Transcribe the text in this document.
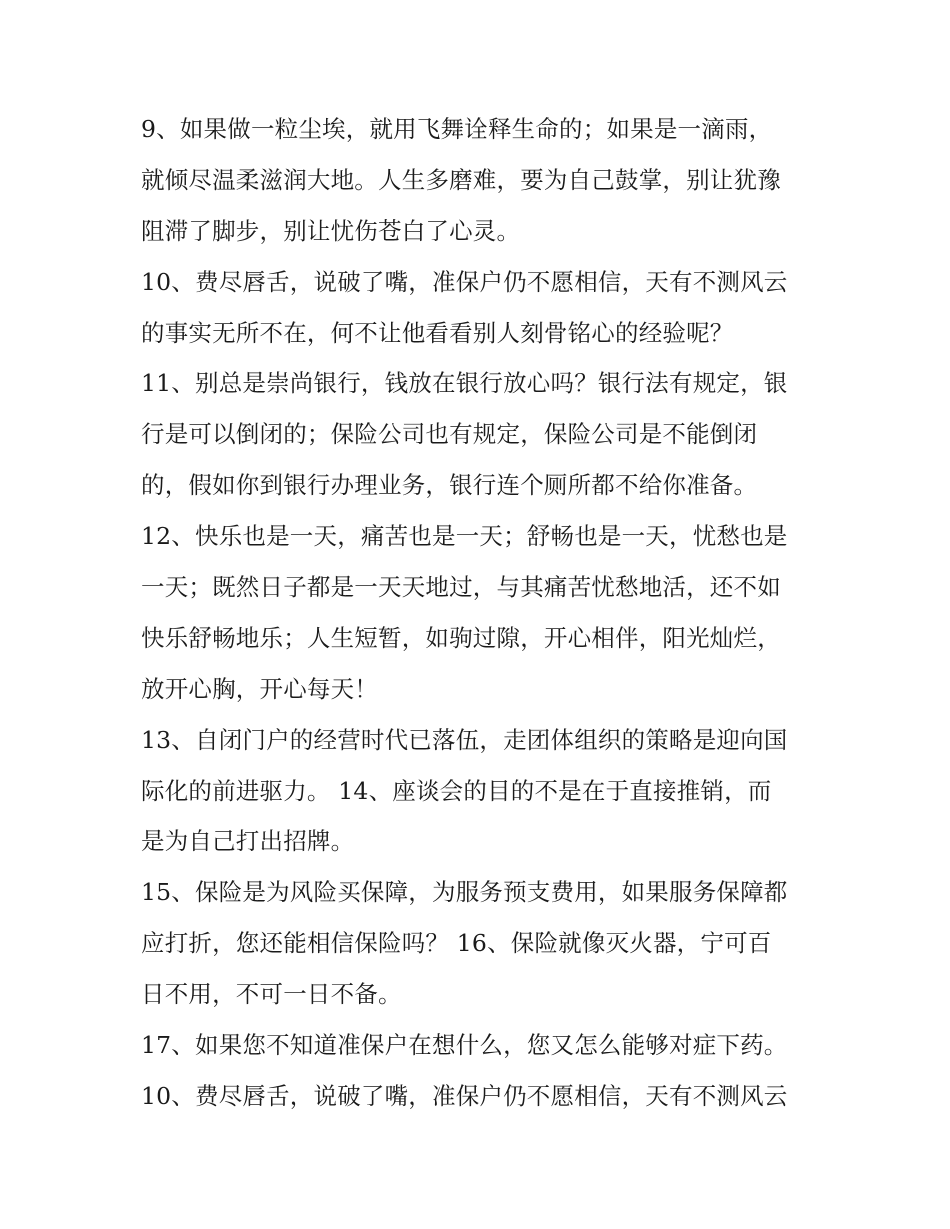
9、如果做一粒尘埃，就用飞舞诠释生命的；如果是一滴雨，
就倾尽温柔滋润大地。人生多磨难，要为自己鼓掌，别让犹豫
阻滞了脚步，别让忧伤苍白了心灵。
10、费尽唇舌，说破了嘴，准保户仍不愿相信，天有不测风云
的事实无所不在，何不让他看看别人刻骨铭心的经验呢？
11、别总是崇尚银行，钱放在银行放心吗？银行法有规定，银
行是可以倒闭的；保险公司也有规定，保险公司是不能倒闭
的，假如你到银行办理业务，银行连个厕所都不给你准备。
12、快乐也是一天，痛苦也是一天；舒畅也是一天，忧愁也是
一天；既然日子都是一天天地过，与其痛苦忧愁地活，还不如
快乐舒畅地乐；人生短暂，如驹过隙，开心相伴，阳光灿烂，
放开心胸，开心每天！
13、自闭门户的经营时代已落伍，走团体组织的策略是迎向国
际化的前进驱力。 14、座谈会的目的不是在于直接推销，而
是为自己打出招牌。
15、保险是为风险买保障，为服务预支费用，如果服务保障都
应打折，您还能相信保险吗？ 16、保险就像灭火器，宁可百
日不用，不可一日不备。
17、如果您不知道准保户在想什么，您又怎么能够对症下药。
10、费尽唇舌，说破了嘴，准保户仍不愿相信，天有不测风云
